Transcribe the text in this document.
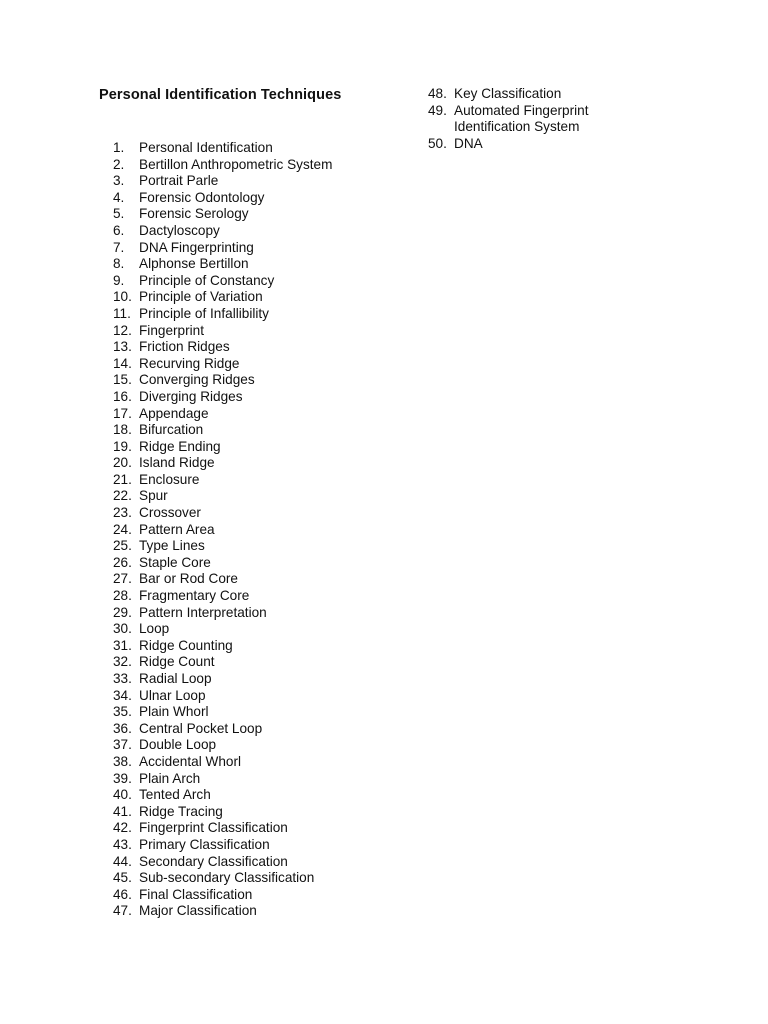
Personal Identification Techniques
1.	Personal Identification
2.	Bertillon Anthropometric System
3.	Portrait Parle
4.	Forensic Odontology
5.	Forensic Serology
6.	Dactyloscopy
7.	DNA Fingerprinting
8.	Alphonse Bertillon
9.	Principle of Constancy
10. Principle of Variation
11. Principle of Infallibility
12. Fingerprint
13. Friction Ridges
14. Recurving Ridge
15. Converging Ridges
16. Diverging Ridges
17. Appendage
18. Bifurcation
19. Ridge Ending
20. Island Ridge
21. Enclosure
22. Spur
23. Crossover
24. Pattern Area
25. Type Lines
26. Staple Core
27. Bar or Rod Core
28. Fragmentary Core
29. Pattern Interpretation
30. Loop
31. Ridge Counting
32. Ridge Count
33. Radial Loop
34. Ulnar Loop
35. Plain Whorl
36. Central Pocket Loop
37. Double Loop
38. Accidental Whorl
39. Plain Arch
40. Tented Arch
41. Ridge Tracing
42. Fingerprint Classification
43. Primary Classification
44. Secondary Classification
45. Sub-secondary Classification
46. Final Classification
47. Major Classification
48. Key Classification
49. Automated Fingerprint Identification System
50. DNA
